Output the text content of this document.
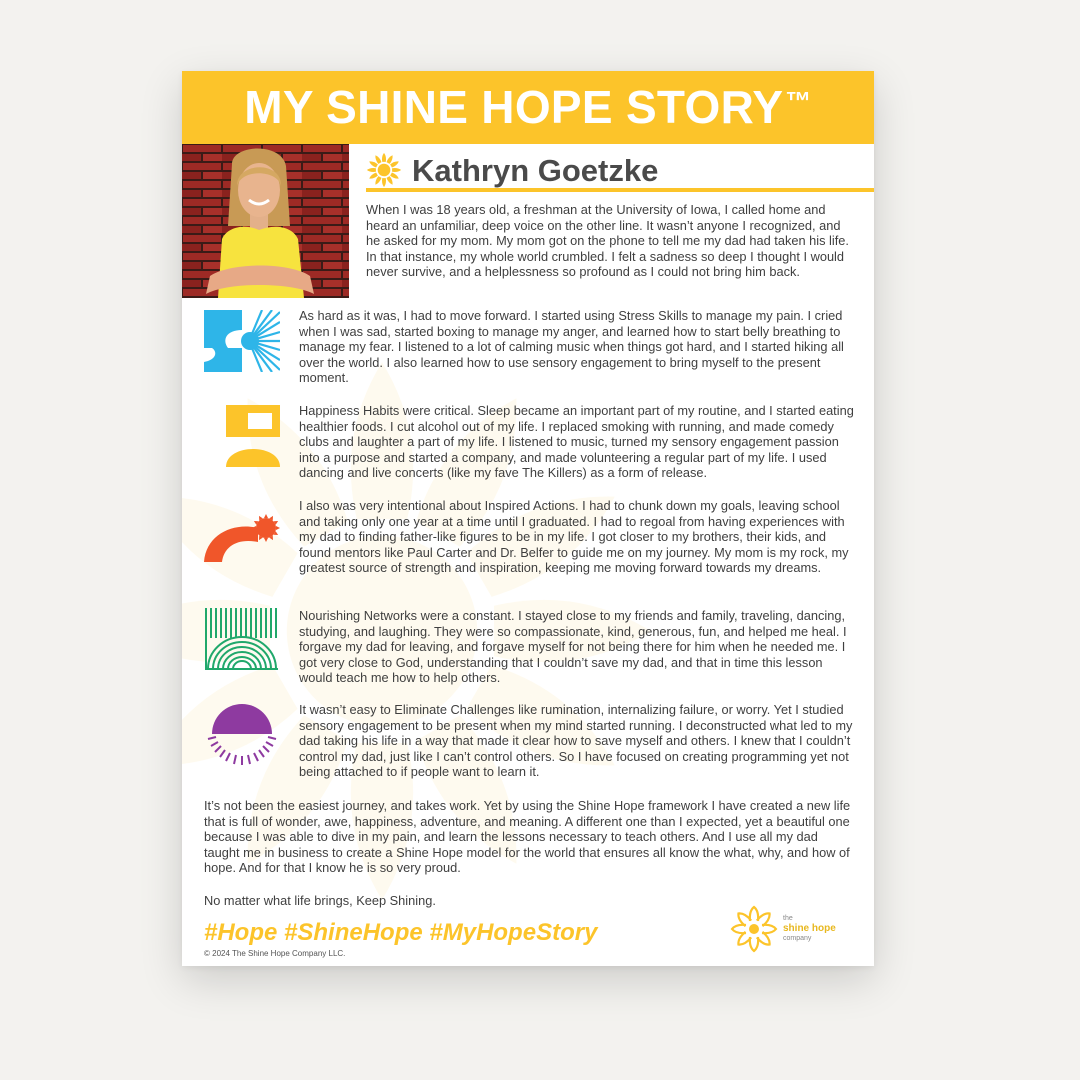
MY SHINE HOPE STORY™
Kathryn Goetzke

When I was 18 years old, a freshman at the University of Iowa, I called home and heard an unfamiliar, deep voice on the other line. It wasn’t anyone I recognized, and he asked for my mom. My mom got on the phone to tell me my dad had taken his life. In that instance, my whole world crumbled. I felt a sadness so deep I thought I would never survive, and a helplessness so profound as I could not bring him back.

As hard as it was, I had to move forward. I started using Stress Skills to manage my pain. I cried when I was sad, started boxing to manage my anger, and learned how to start belly breathing to manage my fear. I listened to a lot of calming music when things got hard, and I started hiking all over the world. I also learned how to use sensory engagement to bring myself to the present moment.

Happiness Habits were critical. Sleep became an important part of my routine, and I started eating healthier foods. I cut alcohol out of my life. I replaced smoking with running, and made comedy clubs and laughter a part of my life. I listened to music, turned my sensory engagement passion into a purpose and started a company, and made volunteering a regular part of my life. I used dancing and live concerts (like my fave The Killers) as a form of release.

I also was very intentional about Inspired Actions. I had to chunk down my goals, leaving school and taking only one year at a time until I graduated. I had to regoal from having experiences with my dad to finding father-like figures to be in my life. I got closer to my brothers, their kids, and found mentors like Paul Carter and Dr. Belfer to guide me on my journey. My mom is my rock, my greatest source of strength and inspiration, keeping me moving forward towards my dreams.

Nourishing Networks were a constant. I stayed close to my friends and family, traveling, dancing, studying, and laughing. They were so compassionate, kind, generous, fun, and helped me heal. I forgave my dad for leaving, and forgave myself for not being there for him when he needed me. I got very close to God, understanding that I couldn’t save my dad, and that in time this lesson would teach me how to help others.

It wasn’t easy to Eliminate Challenges like rumination, internalizing failure, or worry. Yet I studied sensory engagement to be present when my mind started running. I deconstructed what led to my dad taking his life in a way that made it clear how to save myself and others. I knew that I couldn’t control my dad, just like I can’t control others. So I have focused on creating programming yet not being attached to if people want to learn it.

It’s not been the easiest journey, and takes work. Yet by using the Shine Hope framework I have created a new life that is full of wonder, awe, happiness, adventure, and meaning. A different one than I expected, yet a beautiful one because I was able to dive in my pain, and learn the lessons necessary to teach others. And I use all my dad taught me in business to create a Shine Hope model for the world that ensures all know the what, why, and how of hope. And for that I know he is so very proud.

No matter what life brings, Keep Shining.

#Hope #ShineHope #MyHopeStory
© 2024 The Shine Hope Company LLC.
the
shine hope
company
